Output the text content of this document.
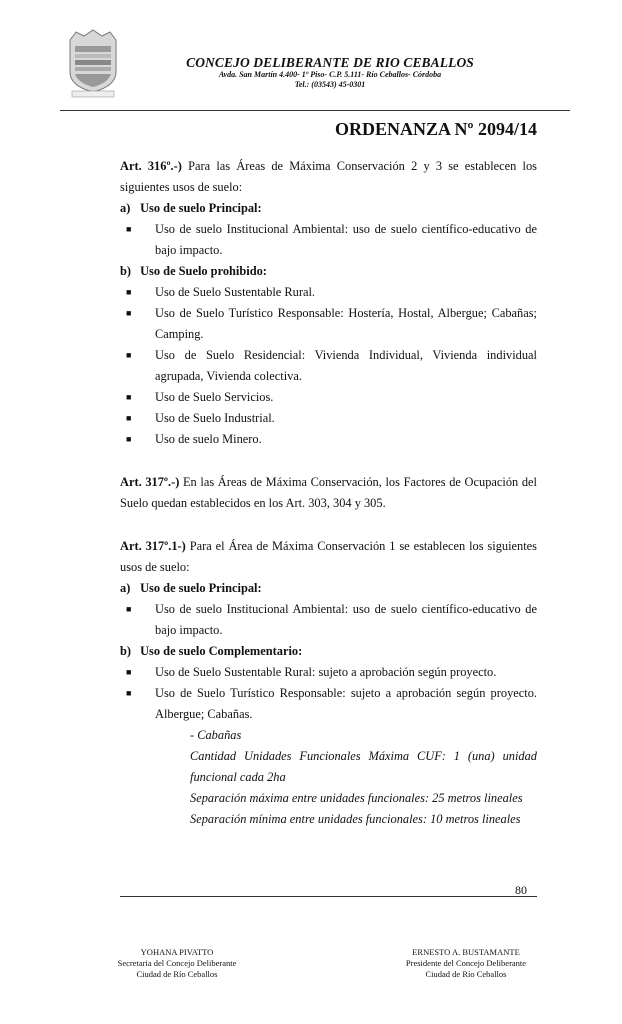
CONCEJO DELIBERANTE DE RIO CEBALLOS
Avda. San Martín 4.400- 1º Piso- C.P. 5.111- Río Ceballos- Córdoba
Tel.: (03543) 45-0301
ORDENANZA Nº 2094/14
Art. 316º.-) Para las Áreas de Máxima Conservación 2 y 3 se establecen los
siguientes usos de suelo:
a) Uso de suelo Principal:
■ Uso de suelo Institucional Ambiental: uso de suelo científico-educativo de
bajo impacto.
b) Uso de Suelo prohibido:
■ Uso de Suelo Sustentable Rural.
■ Uso de Suelo Turístico Responsable: Hostería, Hostal, Albergue; Cabañas;
Camping.
■ Uso de Suelo Residencial: Vivienda Individual, Vivienda individual
agrupada, Vivienda colectiva.
■ Uso de Suelo Servicios.
■ Uso de Suelo Industrial.
■ Uso de suelo Minero.
Art. 317º.-) En las Áreas de Máxima Conservación, los Factores de Ocupación del
Suelo quedan establecidos en los Art. 303, 304 y 305.
Art. 317º.1-) Para el Área de Máxima Conservación 1 se establecen los siguientes
usos de suelo:
a) Uso de suelo Principal:
■ Uso de suelo Institucional Ambiental: uso de suelo científico-educativo de
bajo impacto.
b) Uso de suelo Complementario:
■ Uso de Suelo Sustentable Rural: sujeto a aprobación según proyecto.
■ Uso de Suelo Turístico Responsable: sujeto a aprobación según proyecto.
Albergue; Cabañas.
- Cabañas
Cantidad Unidades Funcionales Máxima CUF: 1 (una) unidad
funcional cada 2ha
Separación máxima entre unidades funcionales: 25 metros lineales
Separación mínima entre unidades funcionales: 10 metros lineales
80
YOHANA PIVATTO
Secretaria del Concejo Deliberante
Ciudad de Río Ceballos
ERNESTO A. BUSTAMANTE
Presidente del Concejo Deliberante
Ciudad de Río Ceballos
